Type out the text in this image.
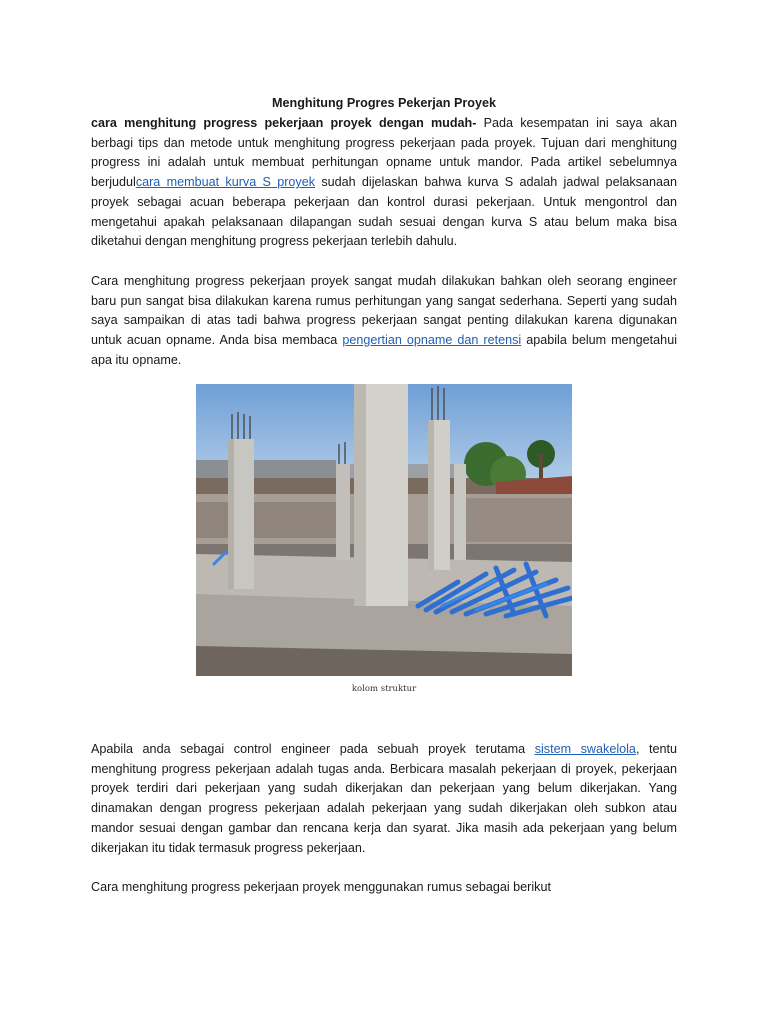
Menghitung Progres Pekerjan Proyek

cara menghitung progress pekerjaan proyek dengan mudah- Pada kesempatan ini saya akan berbagi tips dan metode untuk menghitung progress pekerjaan pada proyek. Tujuan dari menghitung progress ini adalah untuk membuat perhitungan opname untuk mandor. Pada artikel sebelumnya berjudulcara membuat kurva S proyek sudah dijelaskan bahwa kurva S adalah jadwal pelaksanaan proyek sebagai acuan beberapa pekerjaan dan kontrol durasi pekerjaan. Untuk mengontrol dan mengetahui apakah pelaksanaan dilapangan sudah sesuai dengan kurva S atau belum maka bisa diketahui dengan menghitung progress pekerjaan terlebih dahulu.

Cara menghitung progress pekerjaan proyek sangat mudah dilakukan bahkan oleh seorang engineer baru pun sangat bisa dilakukan karena rumus perhitungan yang sangat sederhana. Seperti yang sudah saya sampaikan di atas tadi bahwa progress pekerjaan sangat penting dilakukan karena digunakan untuk acuan opname. Anda bisa membaca pengertian opname dan retensi apabila belum mengetahui apa itu opname.

kolom struktur

Apabila anda sebagai control engineer pada sebuah proyek terutama sistem swakelola, tentu menghitung progress pekerjaan adalah tugas anda. Berbicara masalah pekerjaan di proyek, pekerjaan proyek terdiri dari pekerjaan yang sudah dikerjakan dan pekerjaan yang belum dikerjakan. Yang dinamakan dengan progress pekerjaan adalah pekerjaan yang sudah dikerjakan oleh subkon atau mandor sesuai dengan gambar dan rencana kerja dan syarat. Jika masih ada pekerjaan yang belum dikerjakan itu tidak termasuk progress pekerjaan.

Cara menghitung progress pekerjaan proyek menggunakan rumus sebagai berikut
